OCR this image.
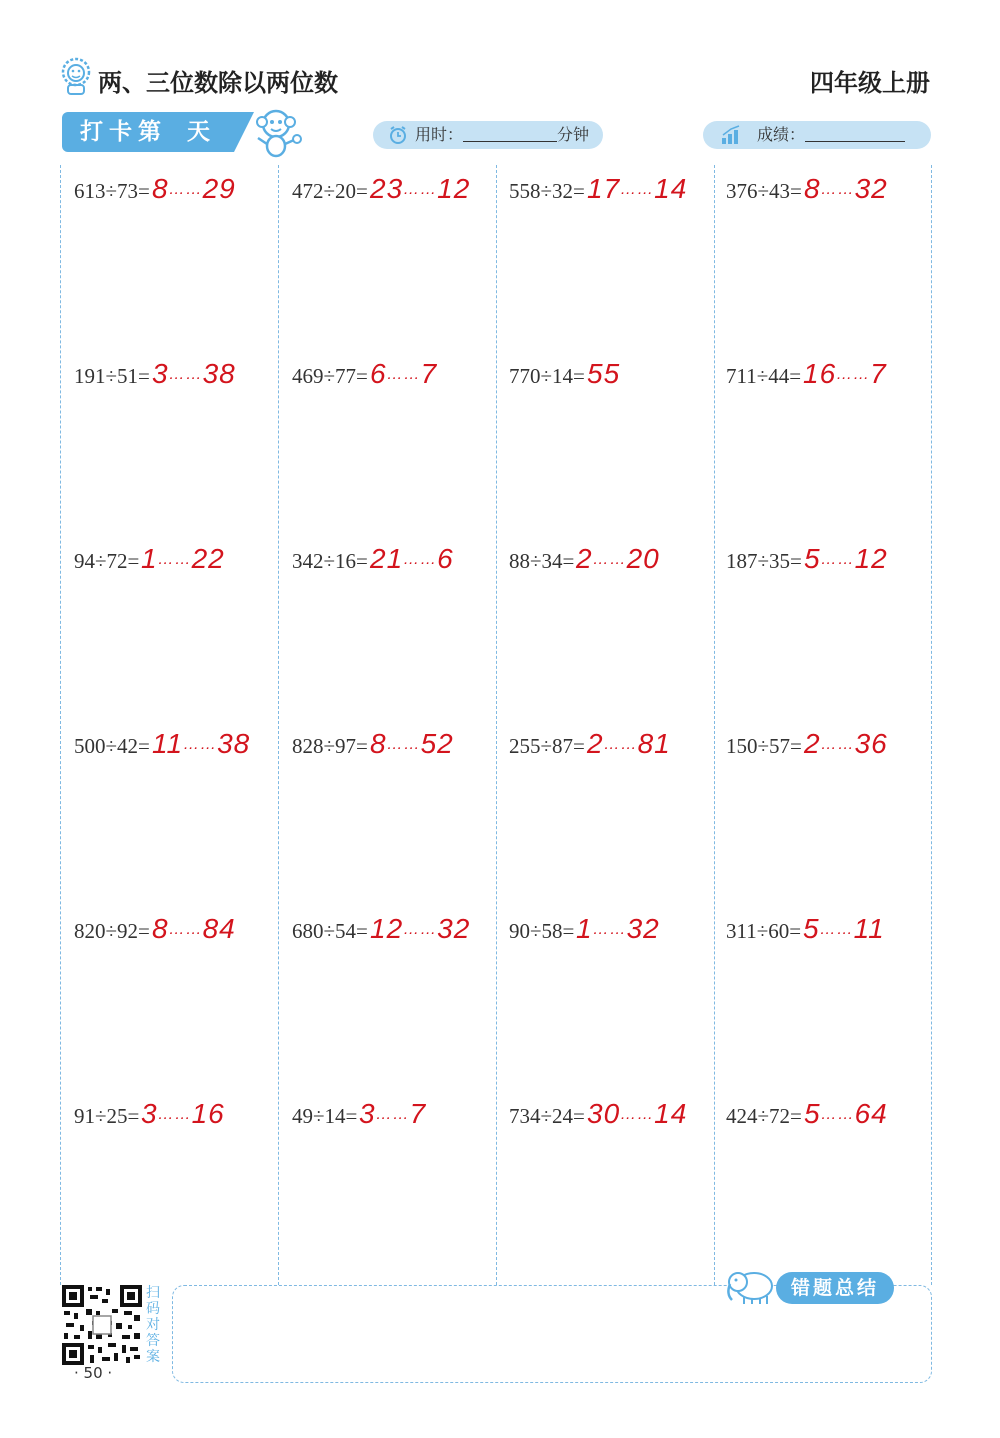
两、三位数除以两位数	四年级上册
打卡第 天	用时：	分钟	成绩：
613÷73= 8……29
191÷51= 3……38
94÷72= 1……22
500÷42= 11……38
820÷92= 8……84
91÷25= 3……16
472÷20= 23……12
469÷77= 6……7
342÷16= 21……6
828÷97= 8……52
680÷54= 12……32
49÷14= 3……7
558÷32= 17……14
770÷14= 55
88÷34= 2……20
255÷87= 2……81
90÷58= 1……32
734÷24= 30……14
376÷43= 8……32
711÷44= 16……7
187÷35= 5……12
150÷57= 2……36
311÷60= 5……11
424÷72= 5……64
错题总结
扫码对答案
· 50 ·
